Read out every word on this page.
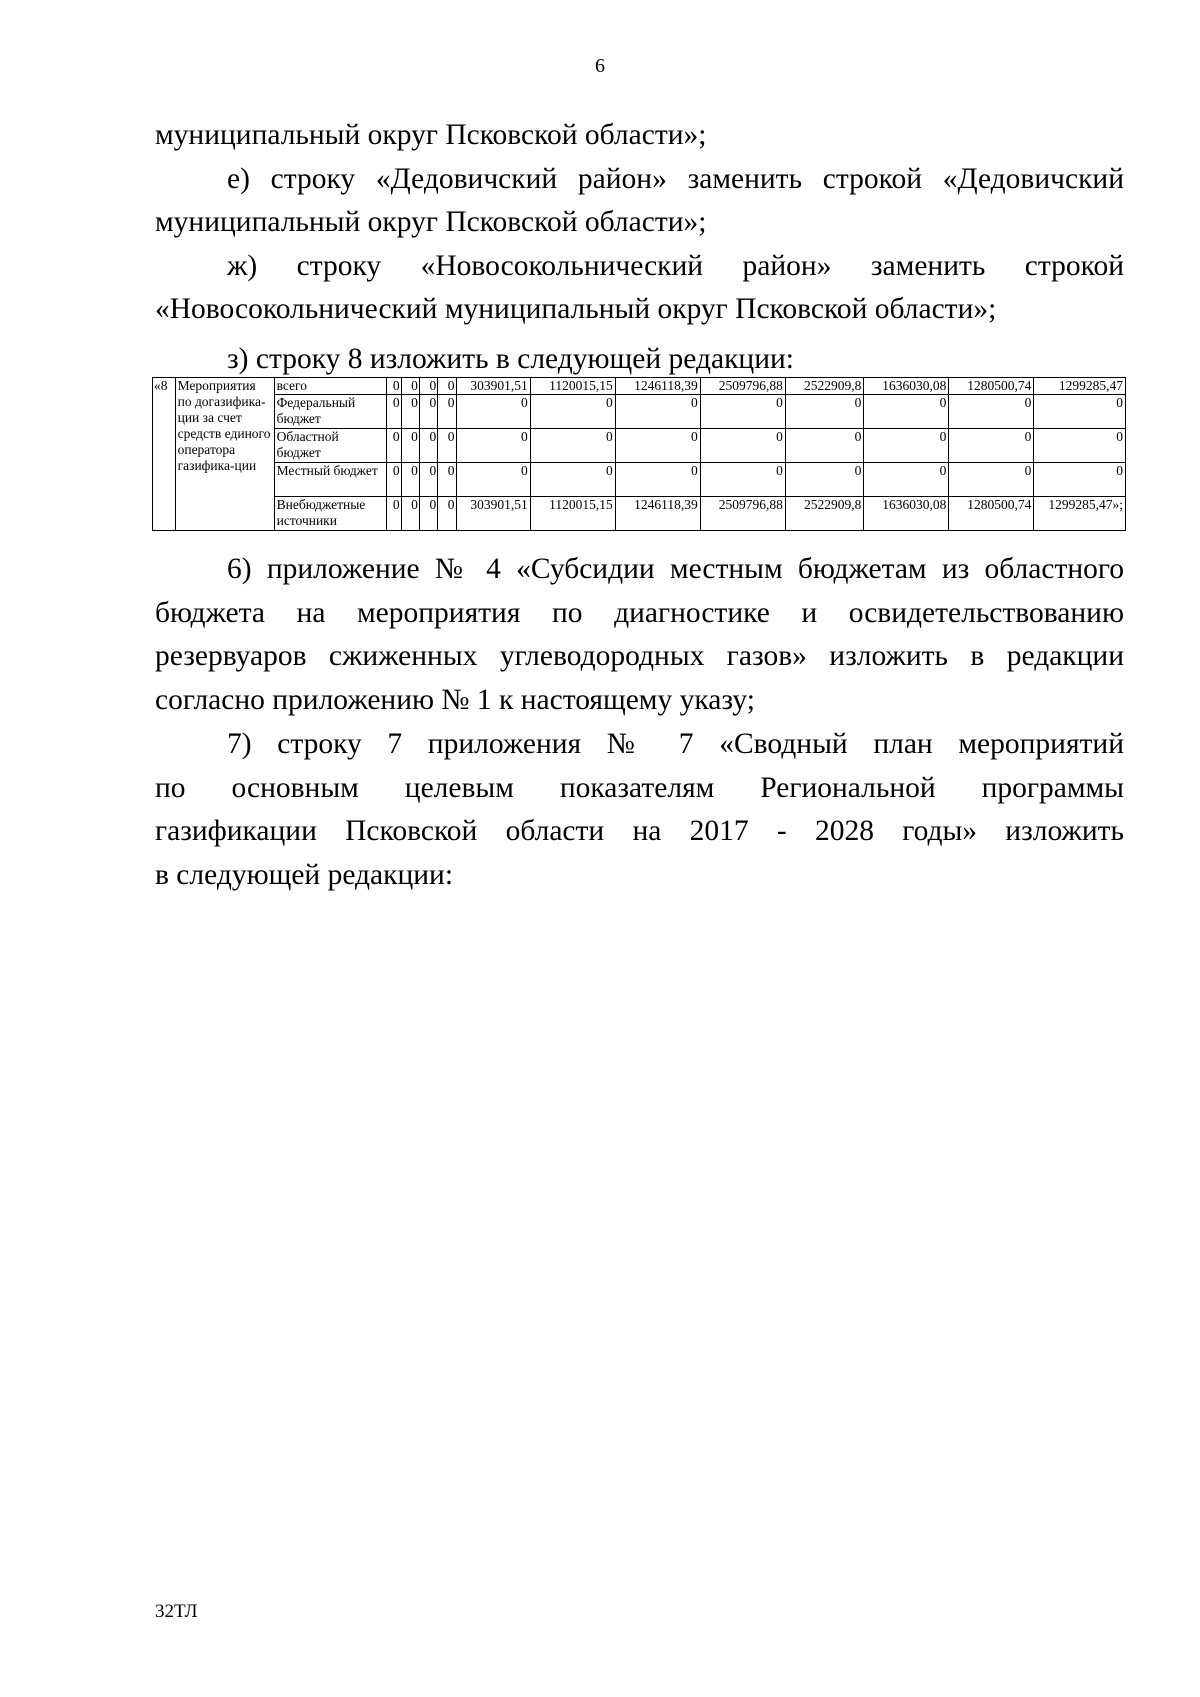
6
муниципальный округ Псковской области»;
е) строку «Дедовичский район» заменить строкой «Дедовичский
муниципальный округ Псковской области»;
ж) строку «Новосокольнический район» заменить строкой
«Новосокольнический муниципальный округ Псковской области»;
з) строку 8 изложить в следующей редакции:
«8	Мероприятия по догазифика-ции за счет средств единого оператора газифика-ции	всего	0	0	0	0	303901,51	1120015,15	1246118,39	2509796,88	2522909,8	1636030,08	1280500,74	1299285,47
		Федеральный бюджет	0	0	0	0	0	0	0	0	0	0	0	0
		Областной бюджет	0	0	0	0	0	0	0	0	0	0	0	0
		Местный бюджет	0	0	0	0	0	0	0	0	0	0	0	0
		Внебюджетные источники	0	0	0	0	303901,51	1120015,15	1246118,39	2509796,88	2522909,8	1636030,08	1280500,74	1299285,47»;
6) приложение № 4 «Субсидии местным бюджетам из областного
бюджета на мероприятия по диагностике и освидетельствованию
резервуаров сжиженных углеводородных газов» изложить в редакции
согласно приложению № 1 к настоящему указу;
7) строку 7 приложения № 7 «Сводный план мероприятий
по основным целевым показателям Региональной программы
газификации Псковской области на 2017 - 2028 годы» изложить
в следующей редакции:
32ТЛ
